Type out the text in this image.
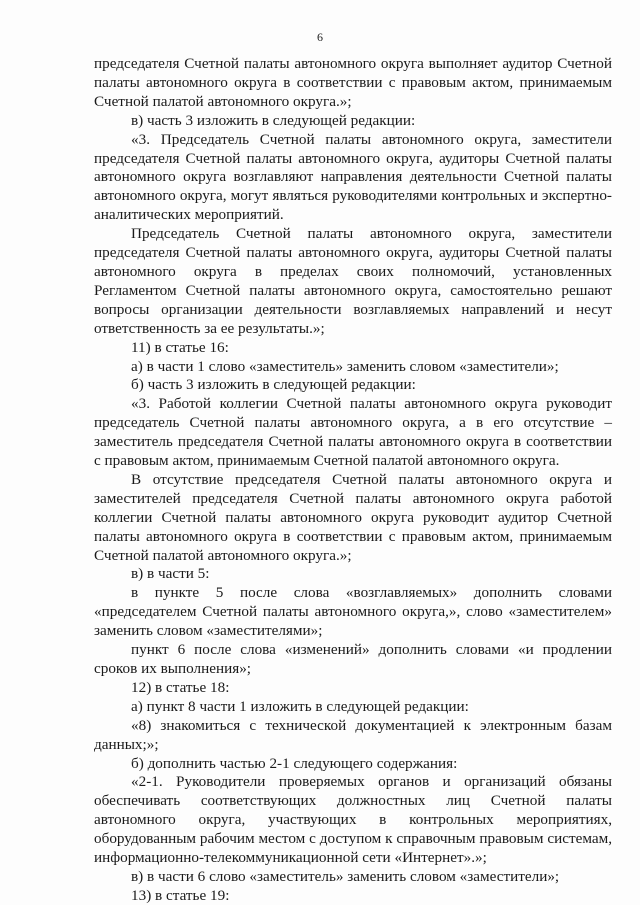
6

председателя Счетной палаты автономного округа выполняет аудитор Счетной палаты автономного округа в соответствии с правовым актом, принимаемым Счетной палатой автономного округа.»;

в) часть 3 изложить в следующей редакции:

«3. Председатель Счетной палаты автономного округа, заместители председателя Счетной палаты автономного округа, аудиторы Счетной палаты автономного округа возглавляют направления деятельности Счетной палаты автономного округа, могут являться руководителями контрольных и экспертно-аналитических мероприятий.

Председатель Счетной палаты автономного округа, заместители председателя Счетной палаты автономного округа, аудиторы Счетной палаты автономного округа в пределах своих полномочий, установленных Регламентом Счетной палаты автономного округа, самостоятельно решают вопросы организации деятельности возглавляемых направлений и несут ответственность за ее результаты.»;

11) в статье 16:

а) в части 1 слово «заместитель» заменить словом «заместители»;

б) часть 3 изложить в следующей редакции:

«3. Работой коллегии Счетной палаты автономного округа руководит председатель Счетной палаты автономного округа, а в его отсутствие – заместитель председателя Счетной палаты автономного округа в соответствии с правовым актом, принимаемым Счетной палатой автономного округа.

В отсутствие председателя Счетной палаты автономного округа и заместителей председателя Счетной палаты автономного округа работой коллегии Счетной палаты автономного округа руководит аудитор Счетной палаты автономного округа в соответствии с правовым актом, принимаемым Счетной палатой автономного округа.»;

в) в части 5:

в пункте 5 после слова «возглавляемых» дополнить словами «председателем Счетной палаты автономного округа,», слово «заместителем» заменить словом «заместителями»;

пункт 6 после слова «изменений» дополнить словами «и продлении сроков их выполнения»;

12) в статье 18:

а) пункт 8 части 1 изложить в следующей редакции:

«8) знакомиться с технической документацией к электронным базам данных;»;

б) дополнить частью 2-1 следующего содержания:

«2-1. Руководители проверяемых органов и организаций обязаны обеспечивать соответствующих должностных лиц Счетной палаты автономного округа, участвующих в контрольных мероприятиях, оборудованным рабочим местом с доступом к справочным правовым системам, информационно-телекоммуникационной сети «Интернет».»;

в) в части 6 слово «заместитель» заменить словом «заместители»;

13) в статье 19:
